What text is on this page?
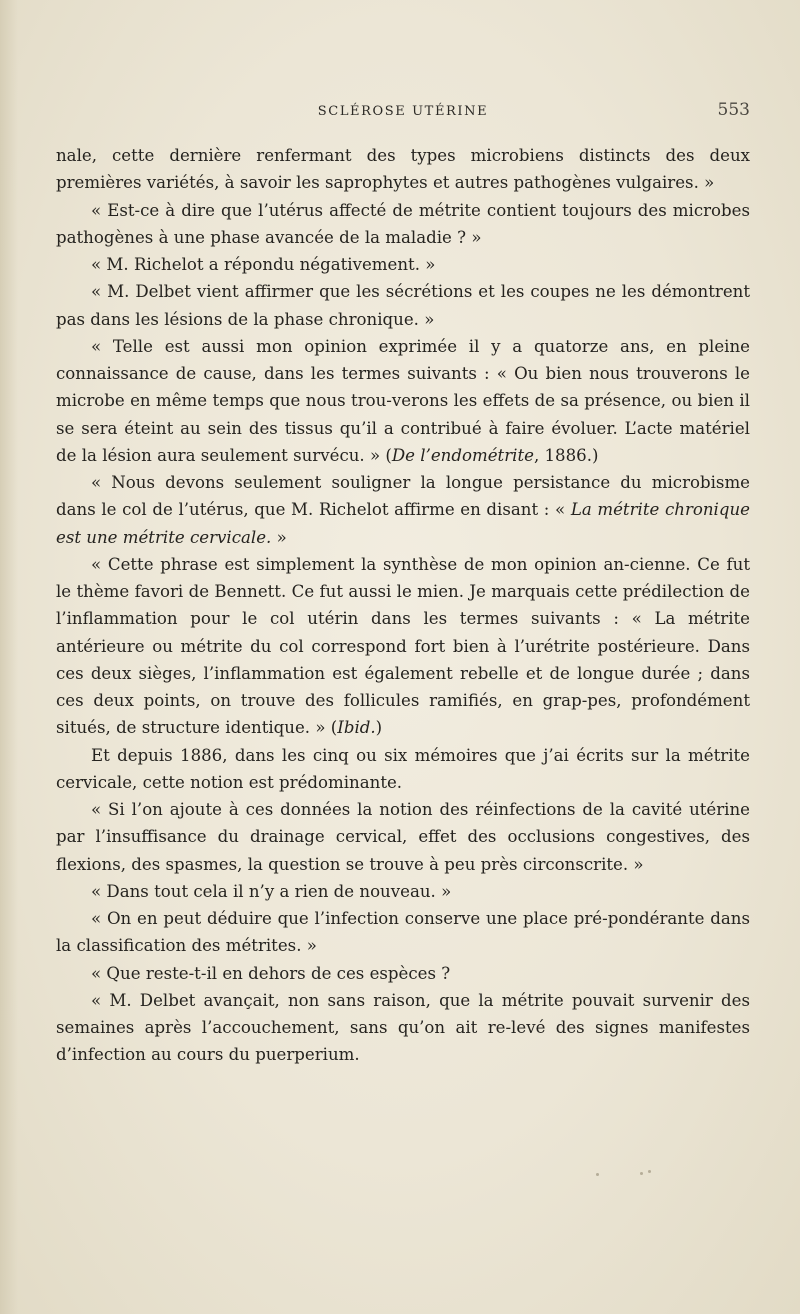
SCLÉROSE UTÉRINE	553

nale, cette dernière renfermant des types microbiens distincts des deux premières variétés, à savoir les saprophytes et autres pathogènes vulgaires. »

« Est-ce à dire que l’utérus affecté de métrite contient toujours des microbes pathogènes à une phase avancée de la maladie ? »

« M. Richelot a répondu négativement. »

« M. Delbet vient affirmer que les sécrétions et les coupes ne les démontrent pas dans les lésions de la phase chronique. »

« Telle est aussi mon opinion exprimée il y a quatorze ans, en pleine connaissance de cause, dans les termes suivants : « Ou bien nous trouverons le microbe en même temps que nous trou-verons les effets de sa présence, ou bien il se sera éteint au sein des tissus qu’il a contribué à faire évoluer. L’acte matériel de la lésion aura seulement survécu. » (De l’endométrite, 1886.)

« Nous devons seulement souligner la longue persistance du microbisme dans le col de l’utérus, que M. Richelot affirme en disant : « La métrite chronique est une métrite cervicale. »

« Cette phrase est simplement la synthèse de mon opinion an-cienne. Ce fut le thème favori de Bennett. Ce fut aussi le mien. Je marquais cette prédilection de l’inflammation pour le col utérin dans les termes suivants : « La métrite antérieure ou métrite du col correspond fort bien à l’urétrite postérieure. Dans ces deux sièges, l’inflammation est également rebelle et de longue durée ; dans ces deux points, on trouve des follicules ramifiés, en grap-pes, profondément situés, de structure identique. » (Ibid.)

Et depuis 1886, dans les cinq ou six mémoires que j’ai écrits sur la métrite cervicale, cette notion est prédominante.

« Si l’on ajoute à ces données la notion des réinfections de la cavité utérine par l’insuffisance du drainage cervical, effet des occlusions congestives, des flexions, des spasmes, la question se trouve à peu près circonscrite. »

« Dans tout cela il n’y a rien de nouveau. »

« On en peut déduire que l’infection conserve une place pré-pondérante dans la classification des métrites. »

« Que reste-t-il en dehors de ces espèces ?

« M. Delbet avançait, non sans raison, que la métrite pouvait survenir des semaines après l’accouchement, sans qu’on ait re-levé des signes manifestes d’infection au cours du puerperium.
